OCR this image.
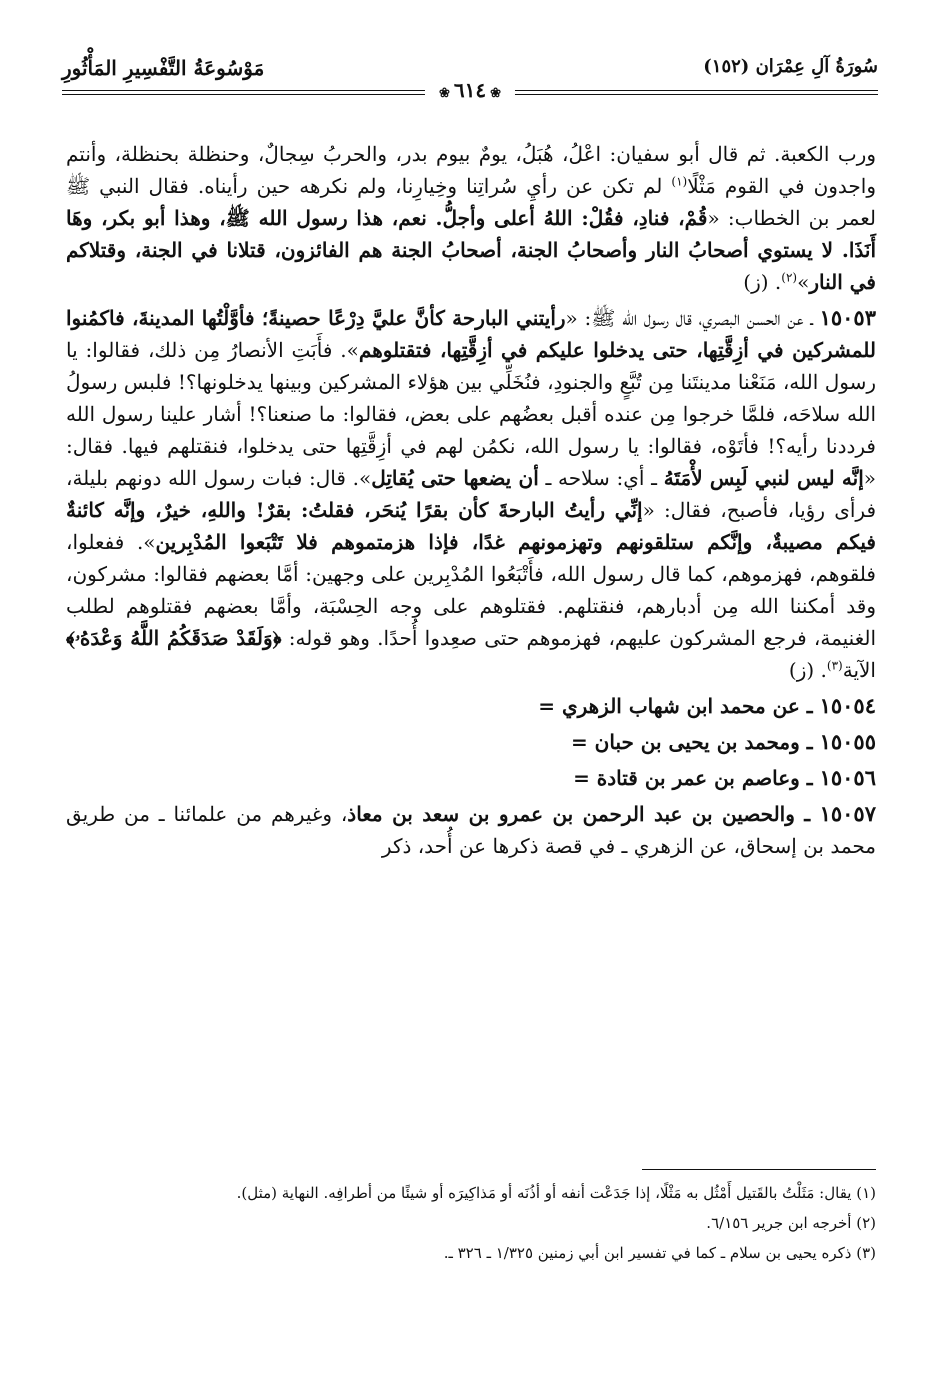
سُورَةُ آلِ عِمْرَان (١٥٢)
مَوْسُوعَةُ التَّفْسِيرِ المَأْثُورِ
❀٦١٤❀

ورب الكعبة. ثم قال أبو سفيان: اعْلُ، هُبَلُ، يومٌ بيوم بدر، والحربُ سِجالٌ، وحنظلة بحنظلة، وأنتم واجدون في القوم مَثْلًا$^{(١)}$ لم تكن عن رأيِ سُراتِنا وخِيارِنا، ولم نكرهه حين رأيناه. فقال النبي ﷺ لعمر بن الخطاب: «قُمْ، فنادِ، فقُلْ: اللهُ أعلى وأجلُّ. نعم، هذا رسول الله ﷺ، وهذا أبو بكر، وهَا أَنَذَا. لا يستوي أصحابُ النار وأصحابُ الجنة، أصحابُ الجنة هم الفائزون، قتلانا في الجنة، وقتلاكم في النار»$^{(٢)}$. (ز)

١٥٠٥٣ ـ عن الحسن البصري، قال رسول الله ﷺ: «رأيتني البارحة كأنَّ عليَّ دِرْعًا حصينةً؛ فأوَّلْتُها المدينةَ، فاكمُنوا للمشركين في أزِقَّتِها، حتى يدخلوا عليكم في أزِقَّتِها، فتقتلوهم». فأَبَتِ الأنصارُ مِن ذلك، فقالوا: يا رسول الله، مَنَعْنا مدينتَنا مِن تُبَّعٍ والجنودِ، فنُخَلِّي بين هؤلاء المشركين وبينها يدخلونها؟! فلبس رسولُ الله سلاحَه، فلمَّا خرجوا مِن عنده أقبل بعضُهم على بعض، فقالوا: ما صنعنا؟! أشار علينا رسول الله فرددنا رأيه؟! فأتَوْه، فقالوا: يا رسول الله، نكمُن لهم في أزِقَّتِها حتى يدخلوا، فنقتلهم فيها. فقال: «إنَّه ليس لنبي لَبِس لأْمَتَهُ ـ أي: سلاحه ـ أن يضعها حتى يُقاتِل». قال: فبات رسول الله دونهم بليلة، فرأى رؤيا، فأصبح، فقال: «إنِّي رأيتُ البارحةَ كأن بقرًا يُنحَر، فقلتُ: بقرٌ! واللهِ، خيرٌ، وإنَّه كائنةٌ فيكم مصيبةٌ، وإنَّكم ستلقونهم وتهزمونهم غدًا، فإذا هزمتموهم فلا تَتْبَعوا المُدْبِرين». ففعلوا، فلقوهم، فهزموهم، كما قال رسول الله، فأَتْبَعُوا المُدْبِرين على وجهين: أمَّا بعضهم فقالوا: مشركون، وقد أمكننا الله مِن أدبارهم، فنقتلهم. فقتلوهم على وجه الحِسْبَة، وأمَّا بعضهم فقتلوهم لطلب الغنيمة، فرجع المشركون عليهم، فهزموهم حتى صعِدوا أُحدًا. وهو قوله: ﴿وَلَقَدْ صَدَقَكُمُ اللَّهُ وَعْدَهُۥ﴾ الآية$^{(٣)}$. (ز)

١٥٠٥٤ ـ عن محمد ابن شهاب الزهري =

١٥٠٥٥ ـ ومحمد بن يحيى بن حبان =

١٥٠٥٦ ـ وعاصم بن عمر بن قتادة =

١٥٠٥٧ ـ والحصين بن عبد الرحمن بن عمرو بن سعد بن معاذ، وغيرهم من علمائنا ـ من طريق محمد بن إسحاق، عن الزهري ـ في قصة ذكرها عن أُحد، ذكر

(١) يقال: مَثَلْتُ بالقَتيل أَمْثُل به مَثْلًا، إذا جَدَعْت أنفه أو أذُنَه أو مَذاكِيرَه أو شيئًا من أطرافِه. النهاية (مثل).

(٢) أخرجه ابن جرير ٦/١٥٦.

(٣) ذكره يحيى بن سلام ـ كما في تفسير ابن أبي زمنين ١/٣٢٥ ـ ٣٢٦ ـ.
